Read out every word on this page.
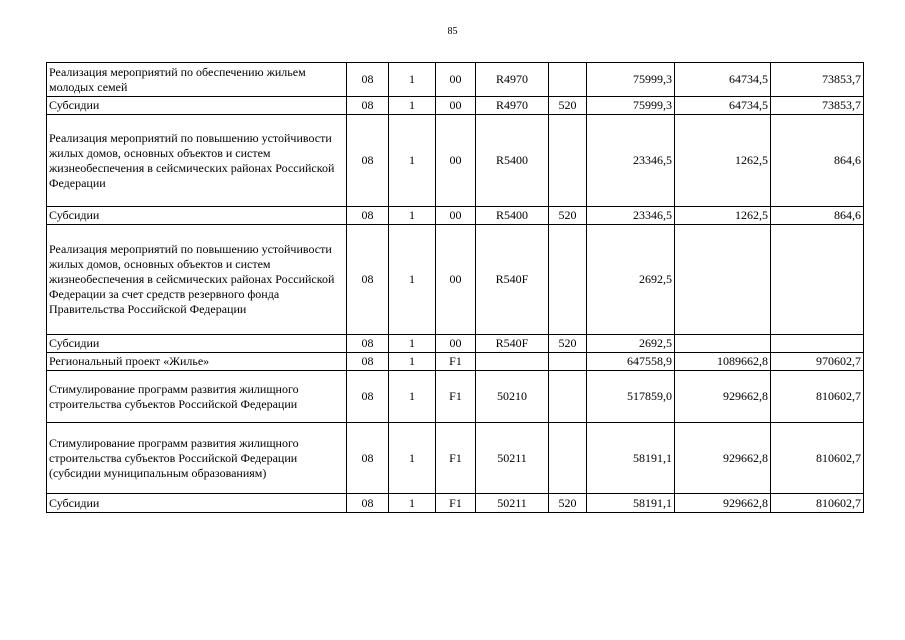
85
Реализация мероприятий по обеспечению жильем молодых семей	08	1	00	R4970		75999,3	64734,5	73853,7
Субсидии	08	1	00	R4970	520	75999,3	64734,5	73853,7
Реализация мероприятий по повышению устойчивости жилых домов, основных объектов и систем жизнеобеспечения в сейсмических районах Российской Федерации	08	1	00	R5400		23346,5	1262,5	864,6
Субсидии	08	1	00	R5400	520	23346,5	1262,5	864,6
Реализация мероприятий по повышению устойчивости жилых домов, основных объектов и систем жизнеобеспечения в сейсмических районах Российской Федерации за счет средств резервного фонда Правительства Российской Федерации	08	1	00	R540F		2692,5		
Субсидии	08	1	00	R540F	520	2692,5		
Региональный проект «Жилье»	08	1	F1			647558,9	1089662,8	970602,7
Стимулирование программ развития жилищного строительства субъектов Российской Федерации	08	1	F1	50210		517859,0	929662,8	810602,7
Стимулирование программ развития жилищного строительства субъектов Российской Федерации (субсидии муниципальным образованиям)	08	1	F1	50211		58191,1	929662,8	810602,7
Субсидии	08	1	F1	50211	520	58191,1	929662,8	810602,7
